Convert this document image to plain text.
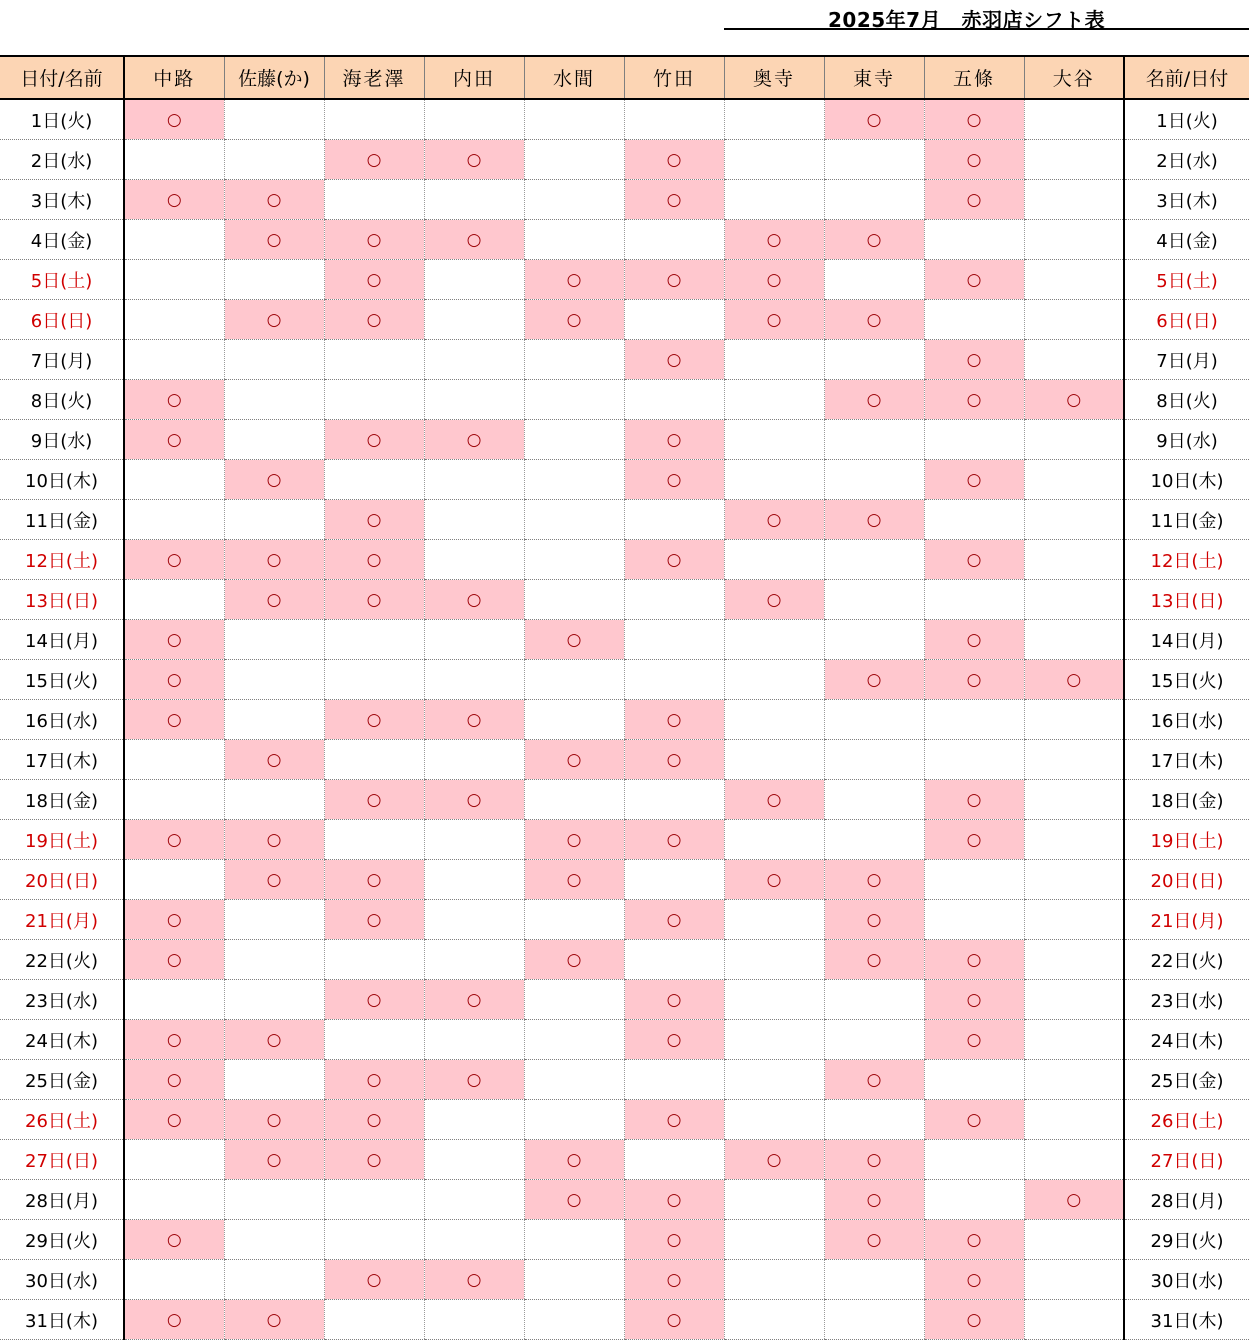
2025年7月　赤羽店シフト表
日付/名前	中路	佐藤(か)	海老澤	内田	水間	竹田	奥寺	東寺	五條	大谷	名前/日付
1日(火)	○							○	○		1日(火)
2日(水)			○	○		○			○		2日(水)
3日(木)	○	○				○			○		3日(木)
4日(金)		○	○	○			○	○			4日(金)
5日(土)			○		○	○	○		○		5日(土)
6日(日)		○	○		○		○	○			6日(日)
7日(月)						○			○		7日(月)
8日(火)	○							○	○	○	8日(火)
9日(水)	○		○	○		○					9日(水)
10日(木)		○				○			○		10日(木)
11日(金)			○				○	○			11日(金)
12日(土)	○	○	○			○			○		12日(土)
13日(日)		○	○	○			○				13日(日)
14日(月)	○				○				○		14日(月)
15日(火)	○							○	○	○	15日(火)
16日(水)	○		○	○		○					16日(水)
17日(木)		○			○	○					17日(木)
18日(金)			○	○			○		○		18日(金)
19日(土)	○	○			○	○			○		19日(土)
20日(日)		○	○		○		○	○			20日(日)
21日(月)	○		○			○		○			21日(月)
22日(火)	○				○			○	○		22日(火)
23日(水)			○	○		○			○		23日(水)
24日(木)	○	○				○			○		24日(木)
25日(金)	○		○	○				○			25日(金)
26日(土)	○	○	○			○			○		26日(土)
27日(日)		○	○		○		○	○			27日(日)
28日(月)					○	○		○		○	28日(月)
29日(火)	○					○		○	○		29日(火)
30日(水)			○	○		○			○		30日(水)
31日(木)	○	○				○			○		31日(木)
